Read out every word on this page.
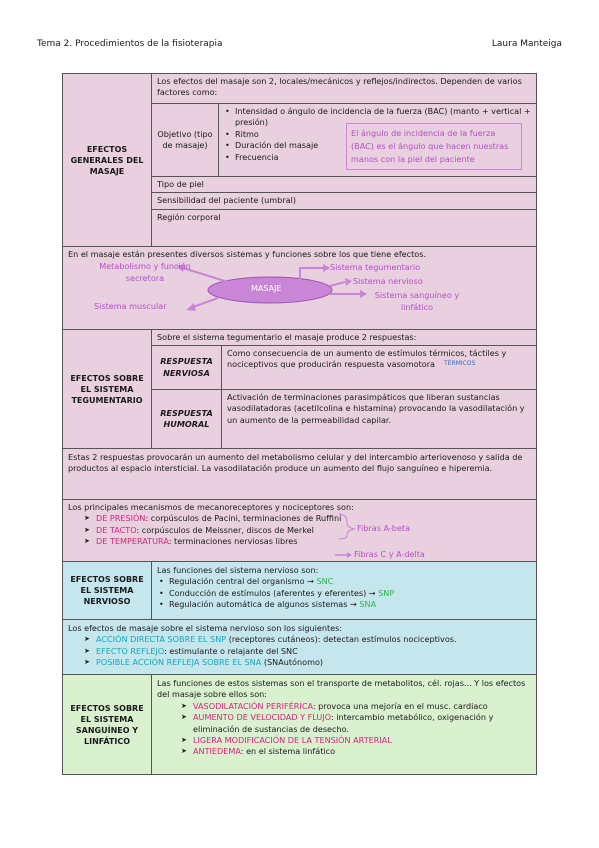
Tema 2. Procedimientos de la fisioterapia	Laura Manteiga
EFECTOS GENERALES DEL MASAJE
Los efectos del masaje son 2, locales/mecánicos y reflejos/indirectos. Dependen de varios factores como:
Objetivo (tipo de masaje)
• Intensidad o ángulo de incidencia de la fuerza (BAC) (manto + vertical + presión)
• Ritmo
• Duración del masaje
• Frecuencia
El ángulo de incidencia de la fuerza (BAC) es el ángulo que hacen nuestras manos con la piel del paciente
Tipo de piel
Sensibilidad del paciente (umbral)
Región corporal
En el masaje están presentes diversos sistemas y funciones sobre los que tiene efectos.
MASAJE
Metabolismo y función secretora
Sistema muscular
Sistema tegumentario
Sistema nervioso
Sistema sanguíneo y linfático
EFECTOS SOBRE EL SISTEMA TEGUMENTARIO
Sobre el sistema tegumentario el masaje produce 2 respuestas:
RESPUESTA NERVIOSA
Como consecuencia de un aumento de estímulos térmicos, táctiles y nociceptivos que producirán respuesta vasomotora TÉRMICOS
RESPUESTA HUMORAL
Activación de terminaciones parasimpáticos que liberan sustancias vasodilatadoras (acetilcolina e histamina) provocando la vasodilatación y un aumento de la permeabilidad capilar.
Estas 2 respuestas provocarán un aumento del metabolismo celular y del intercambio arteriovenoso y salida de productos al espacio intersticial. La vasodilatación produce un aumento del flujo sanguíneo e hiperemia.
Los principales mecanismos de mecanoreceptores y nociceptores son:
➤ DE PRESIÓN: corpúsculos de Pacini, terminaciones de Ruffini
➤ DE TACTO: corpúsculos de Meissner, discos de Merkel
➤ DE TEMPERATURA: terminaciones nerviosas libres
Fibras A-beta
Fibras C y A-delta
EFECTOS SOBRE EL SISTEMA NERVIOSO
Las funciones del sistema nervioso son:
• Regulación central del organismo → SNC
• Conducción de estímulos (aferentes y eferentes) → SNP
• Regulación automática de algunos sistemas → SNA
Los efectos de masaje sobre el sistema nervioso son los siguientes:
➤ ACCIÓN DIRECTA SOBRE EL SNP (receptores cutáneos): detectan estímulos nociceptivos.
➤ EFECTO REFLEJO: estimulante o relajante del SNC
➤ POSIBLE ACCIÓN REFLEJA SOBRE EL SNA (SNAutónomo)
EFECTOS SOBRE EL SISTEMA SANGUÍNEO Y LINFÁTICO
Las funciones de estos sistemas son el transporte de metabolitos, cél. rojas... Y los efectos del masaje sobre ellos son:
➤ VASODILATACIÓN PERIFÉRICA: provoca una mejoría en el musc. cardiaco
➤ AUMENTO DE VELOCIDAD Y FLUJO: intercambio metabólico, oxigenación y eliminación de sustancias de desecho.
➤ LIGERA MODIFICACIÓN DE LA TENSIÓN ARTERIAL
➤ ANTIEDEMA: en el sistema linfático
